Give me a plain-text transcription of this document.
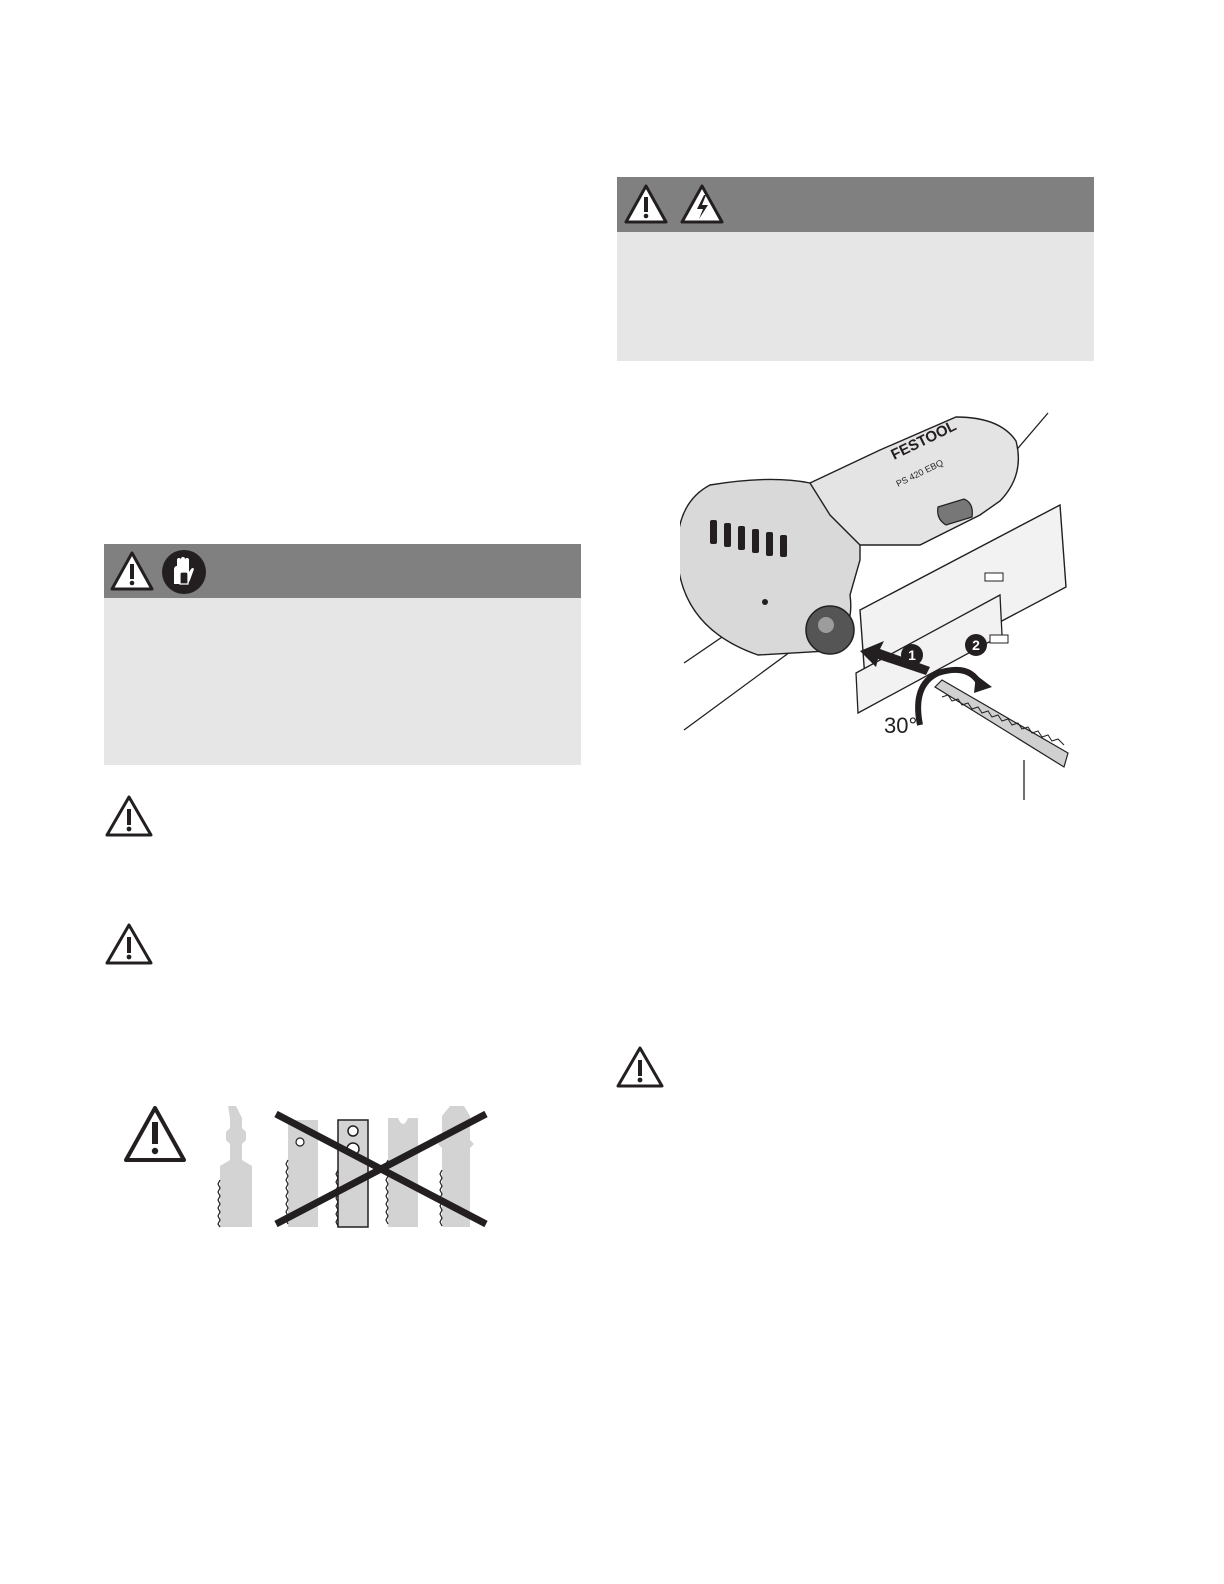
FESTOOL
PS 420 EBQ
1
2
30°
